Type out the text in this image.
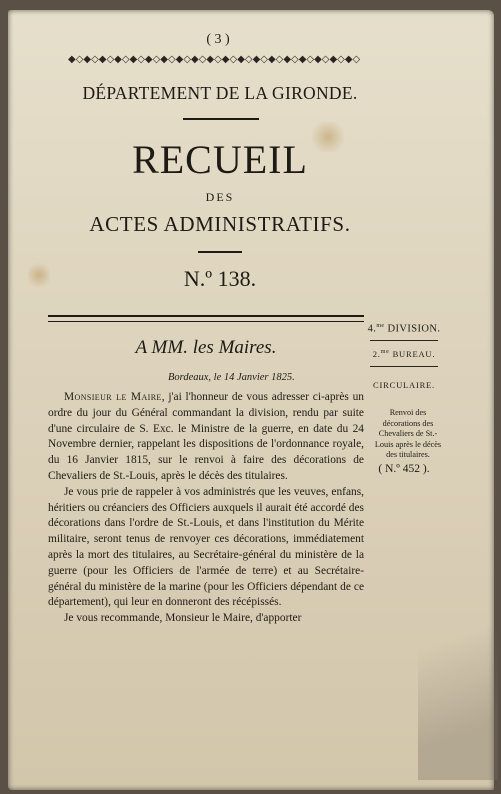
( 3 )
◆◇◆◇◆◇◆◇◆◇◆◇◆◇◆◇◆◇◆◇◆◇◆◇◆◇◆◇◆◇◆◇◆◇◆◇◆◇
DÉPARTEMENT DE LA GIRONDE.
RECUEIL
DES
ACTES ADMINISTRATIFS.
N.º 138.
4.$^{me}$ DIVISION.
2.$^{me}$ BUREAU.
CIRCULAIRE.
Renvoi des décorations des Chevaliers de St.-Louis après le décès des titulaires.
( N.º 452 ).
A MM. les Maires.
Bordeaux, le 14 Janvier 1825.

Monsieur le Maire, j'ai l'honneur de vous adresser ci-après un ordre du jour du Général commandant la division, rendu par suite d'une circulaire de S. Exc. le Ministre de la guerre, en date du 24 Novembre dernier, rappelant les dispositions de l'ordonnance royale, du 16 Janvier 1815, sur le renvoi à faire des décorations de Chevaliers de St.-Louis, après le décès des titulaires.

Je vous prie de rappeler à vos administrés que les veuves, enfans, héritiers ou créanciers des Officiers auxquels il aurait été accordé des décorations dans l'ordre de St.-Louis, et dans l'institution du Mérite militaire, seront tenus de renvoyer ces décorations, immédiatement après la mort des titulaires, au Secrétaire-général du ministère de la guerre (pour les Officiers de l'armée de terre) et au Secrétaire-général du ministère de la marine (pour les Officiers dépendant de ce département), qui leur en donneront des récépissés.

Je vous recommande, Monsieur le Maire, d'apporter
